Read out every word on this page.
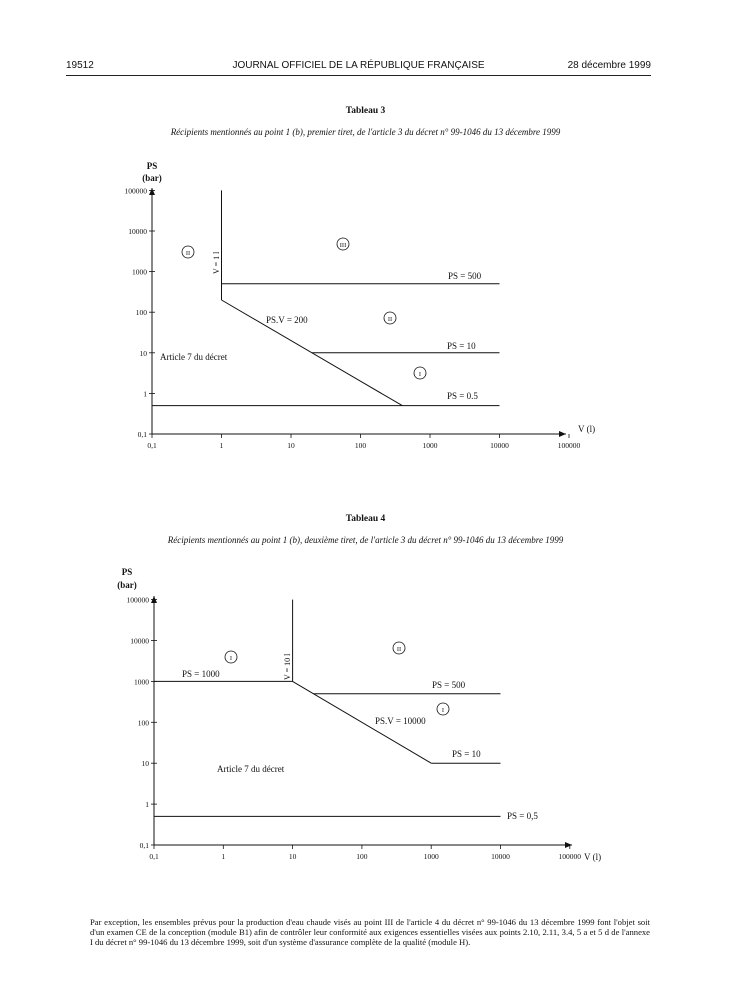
19512	JOURNAL OFFICIEL DE LA RÉPUBLIQUE FRANÇAISE	28 décembre 1999
Tableau 3
Récipients mentionnés au point 1 (b), premier tiret, de l'article 3 du décret n° 99-1046 du 13 décembre 1999
PS
(bar)
V (l)
Article 7 du décret
0,1	1	10	100	1000	10000	100000
0,1
1
10
100
1000
10000
100000
PS = 500
PS.V = 200
PS = 10
PS = 0.5
V = 1 l
II
III
II
I
Tableau 4
Récipients mentionnés au point 1 (b), deuxième tiret, de l'article 3 du décret n° 99-1046 du 13 décembre 1999
PS
(bar)
V (l)
Article 7 du décret
0,1	1	10	100	1000	10000	100000
0,1
1
10
100
1000
10000
100000
PS = 1000
PS = 500
PS.V = 10000
PS = 10
PS = 0,5
V = 10 l
I
II
I
Par exception, les ensembles prévus pour la production d'eau chaude visés au point III de l'article 4 du décret n° 99-1046 du 13 décembre 1999 font l'objet soit d'un examen CE de la conception (module B1) afin de contrôler leur conformité aux exigences essentielles visées aux points 2.10, 2.11, 3.4, 5 a et 5 d de l'annexe I du décret n° 99-1046 du 13 décembre 1999, soit d'un système d'assurance complète de la qualité (module H).
